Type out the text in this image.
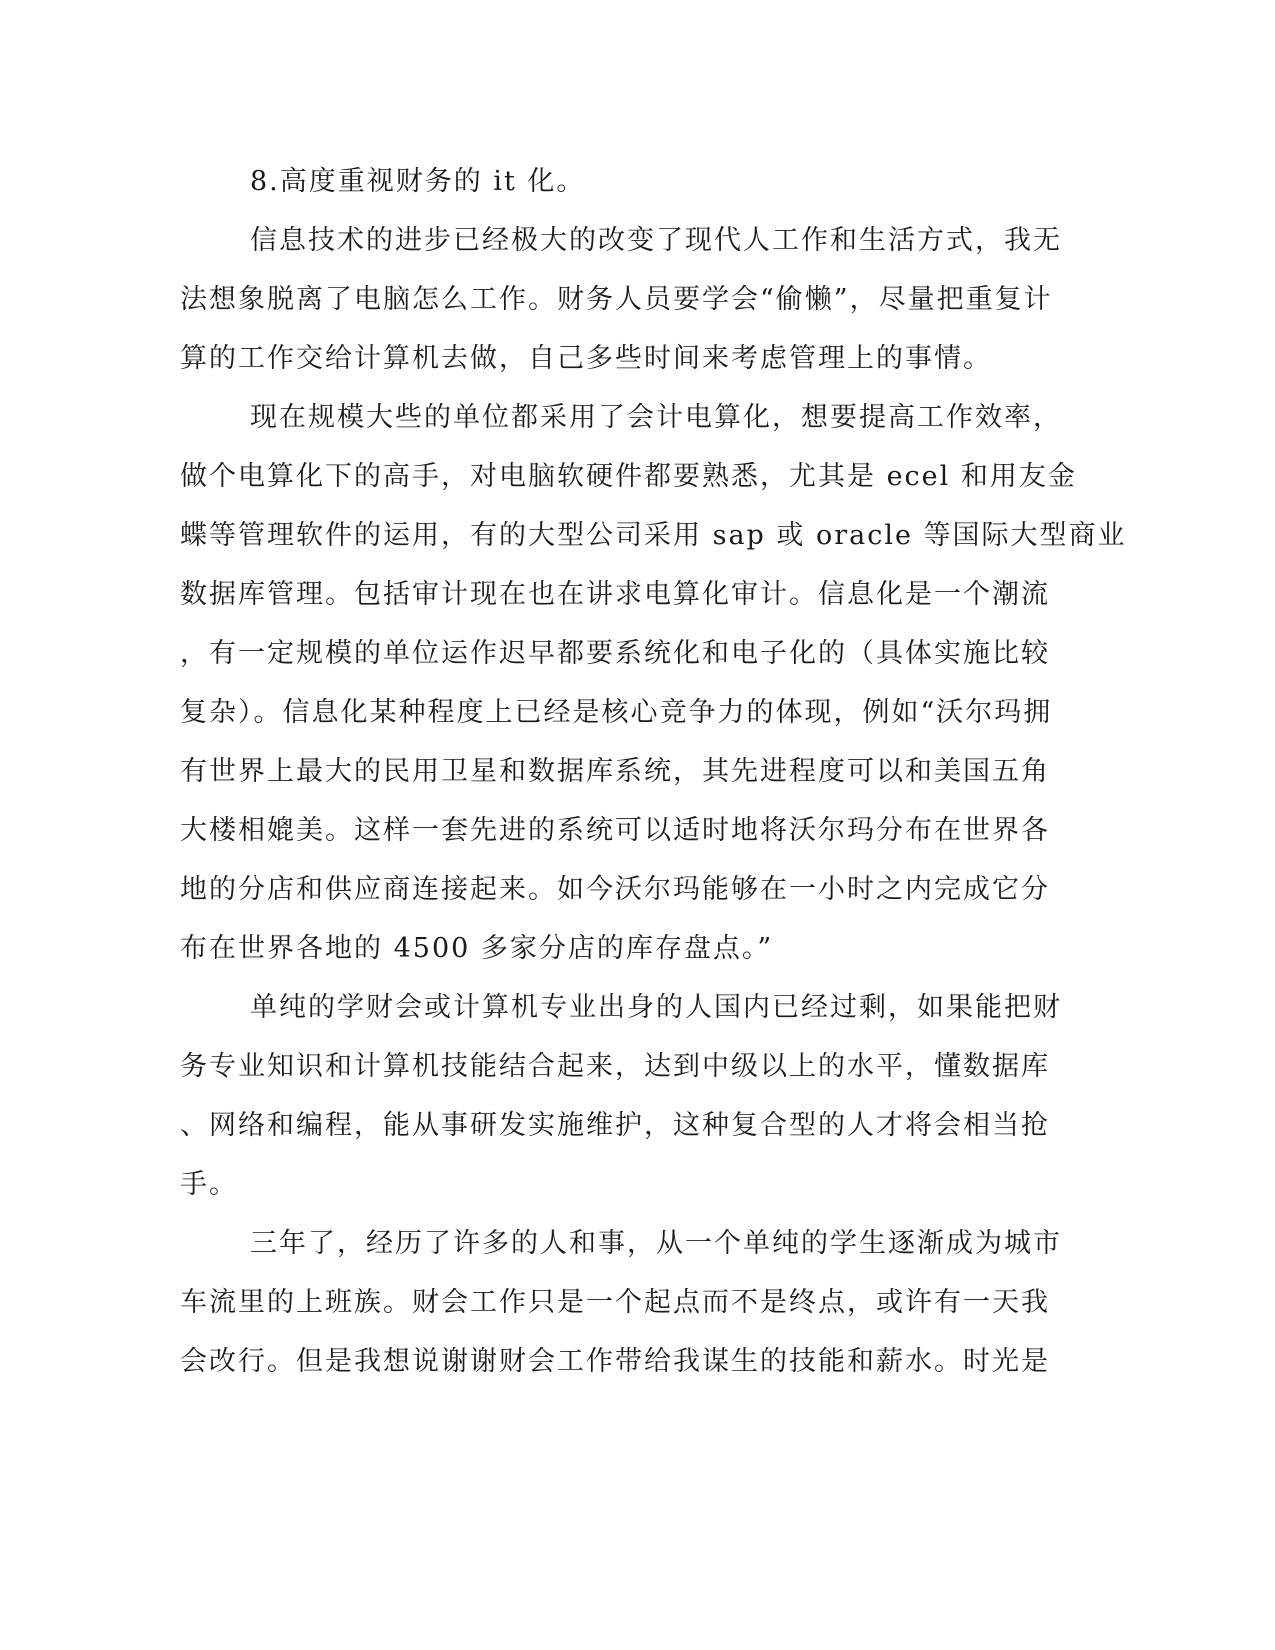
8.高度重视财务的 it 化。
信息技术的进步已经极大的改变了现代人工作和生活方式，我无
法想象脱离了电脑怎么工作。财务人员要学会“偷懒”，尽量把重复计
算的工作交给计算机去做，自己多些时间来考虑管理上的事情。
现在规模大些的单位都采用了会计电算化，想要提高工作效率，
做个电算化下的高手，对电脑软硬件都要熟悉，尤其是 ecel 和用友金
蝶等管理软件的运用，有的大型公司采用 sap 或 oracle 等国际大型商业
数据库管理。包括审计现在也在讲求电算化审计。信息化是一个潮流
，有一定规模的单位运作迟早都要系统化和电子化的（具体实施比较
复杂）。信息化某种程度上已经是核心竞争力的体现，例如“沃尔玛拥
有世界上最大的民用卫星和数据库系统，其先进程度可以和美国五角
大楼相媲美。这样一套先进的系统可以适时地将沃尔玛分布在世界各
地的分店和供应商连接起来。如今沃尔玛能够在一小时之内完成它分
布在世界各地的 4500 多家分店的库存盘点。”
单纯的学财会或计算机专业出身的人国内已经过剩，如果能把财
务专业知识和计算机技能结合起来，达到中级以上的水平，懂数据库
、网络和编程，能从事研发实施维护，这种复合型的人才将会相当抢
手。
三年了，经历了许多的人和事，从一个单纯的学生逐渐成为城市
车流里的上班族。财会工作只是一个起点而不是终点，或许有一天我
会改行。但是我想说谢谢财会工作带给我谋生的技能和薪水。时光是
